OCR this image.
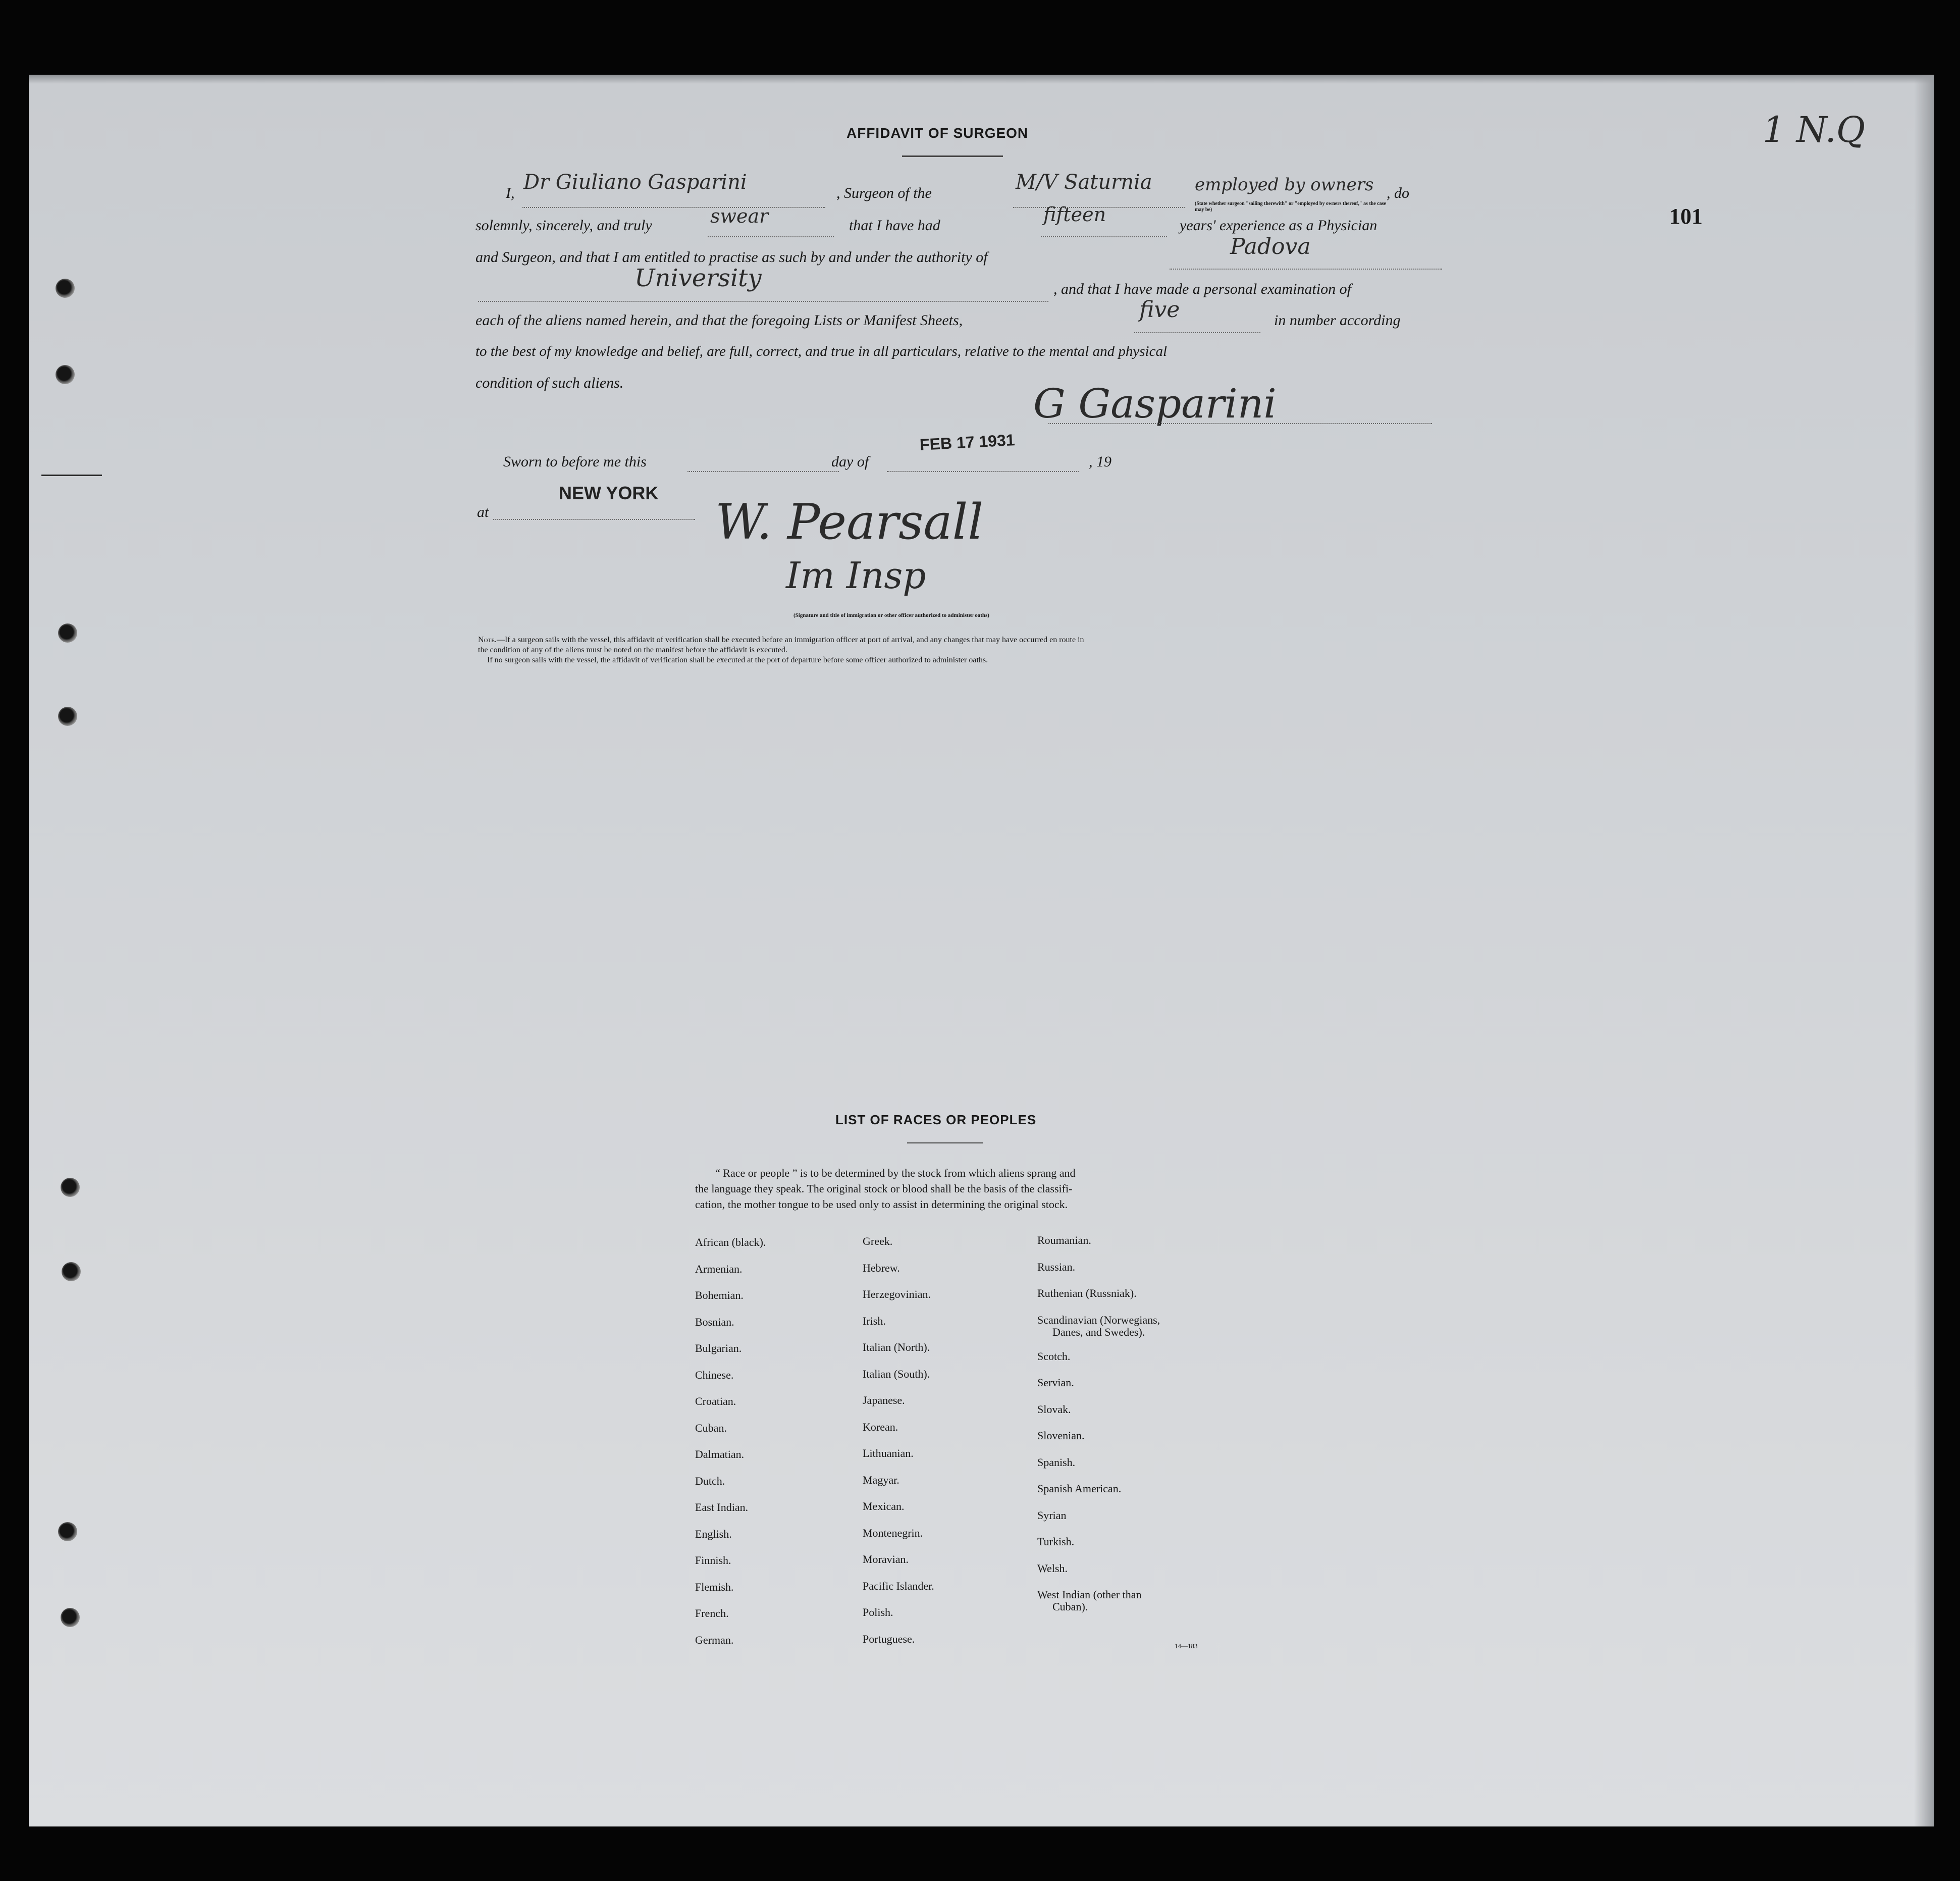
1 N.Q
101
AFFIDAVIT OF SURGEON
I, Dr Giuliano Gasparini	, Surgeon of the	M/V Saturnia employed by owners , do
(State whether surgeon "sailing therewith" or "employed by owners thereof," as the case may be)
solemnly, sincerely, and truly	swear	that I have had	fifteen	years' experience as a Physician
and Surgeon, and that I am entitled to practise as such by and under the authority of	Padova
University	, and that I have made a personal examination of
each of the aliens named herein, and that the foregoing Lists or Manifest Sheets,	five	in number according
to the best of my knowledge and belief, are full, correct, and true in all particulars, relative to the mental and physical
condition of such aliens.	G Gasparini
Sworn to before me this	day of
FEB 17 1931
, 19
at
NEW YORK
W. Pearsall
Im Insp
(Signature and title of immigration or other officer authorized to administer oaths)
Note.—If a surgeon sails with the vessel, this affidavit of verification shall be executed before an immigration officer at port of arrival, and any changes that may have occurred en route in
the condition of any of the aliens must be noted on the manifest before the affidavit is executed.
If no surgeon sails with the vessel, the affidavit of verification shall be executed at the port of departure before some officer authorized to administer oaths.
LIST OF RACES OR PEOPLES
“ Race or people ” is to be determined by the stock from which aliens sprang and
the language they speak. The original stock or blood shall be the basis of the classifi-
cation, the mother tongue to be used only to assist in determining the original stock.
African (black).
Armenian.
Bohemian.
Bosnian.
Bulgarian.
Chinese.
Croatian.
Cuban.
Dalmatian.
Dutch.
East Indian.
English.
Finnish.
Flemish.
French.
German.
Greek.
Hebrew.
Herzegovinian.
Irish.
Italian (North).
Italian (South).
Japanese.
Korean.
Lithuanian.
Magyar.
Mexican.
Montenegrin.
Moravian.
Pacific Islander.
Polish.
Portuguese.
Roumanian.
Russian.
Ruthenian (Russniak).
Scandinavian (Norwegians,
Danes, and Swedes).
Scotch.
Servian.
Slovak.
Slovenian.
Spanish.
Spanish American.
Syrian
Turkish.
Welsh.
West Indian (other than
Cuban).
14—183
